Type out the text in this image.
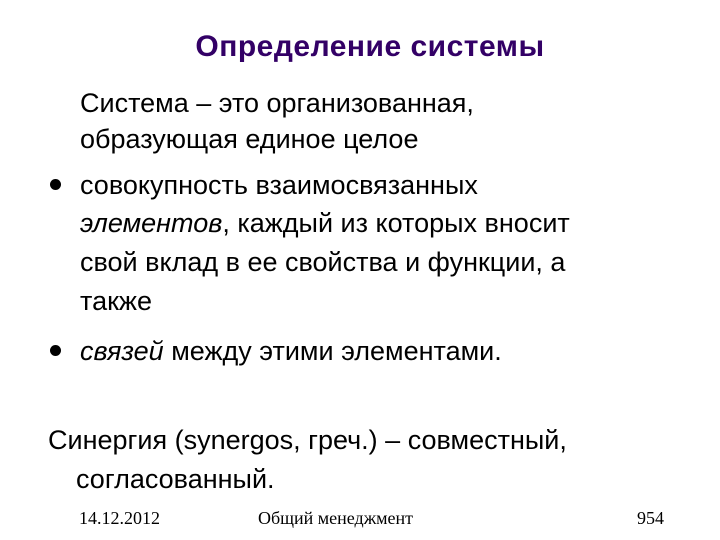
Определение системы
Система – это организованная,
образующая единое целое
совокупность взаимосвязанных
элементов, каждый из которых вносит
свой вклад в ее свойства и функции, а
также
связей между этими элементами.
Синергия (synergos, греч.) – совместный,
согласованный.
14.12.2012	Общий менеджмент	954
